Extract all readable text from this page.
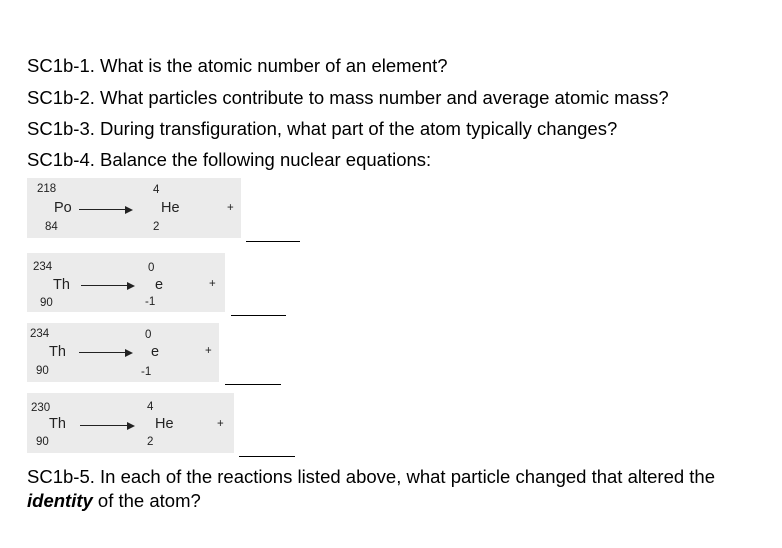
SC1b-1. What is the atomic number of an element?
SC1b-2. What particles contribute to mass number and average atomic mass?
SC1b-3. During transfiguration, what part of the atom typically changes?
SC1b-4. Balance the following nuclear equations:
218
Po
84
4
He
2
+
234
Th
90
0
e
-1
+
234
Th
90
0
e
-1
+
230
Th
90
4
He
2
+
SC1b-5. In each of the reactions listed above, what particle changed that altered the identity of the atom?
